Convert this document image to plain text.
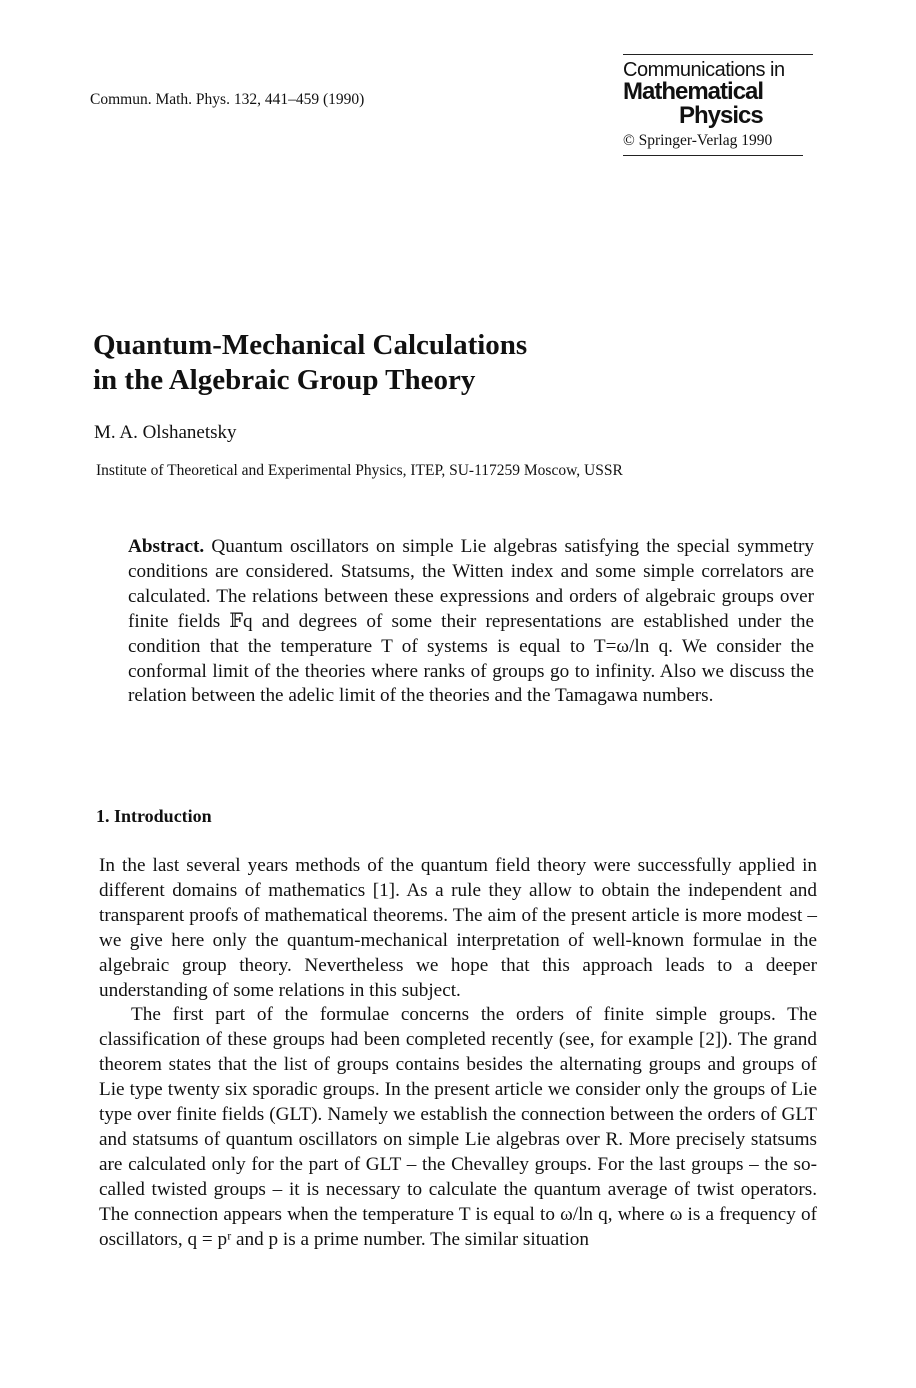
Commun. Math. Phys. 132, 441–459 (1990)
Communications in
Mathematical
Physics
© Springer-Verlag 1990
Quantum-Mechanical Calculations
in the Algebraic Group Theory
M. A. Olshanetsky
Institute of Theoretical and Experimental Physics, ITEP, SU-117259 Moscow, USSR

Abstract. Quantum oscillators on simple Lie algebras satisfying the special symmetry conditions are considered. Statsums, the Witten index and some simple correlators are calculated. The relations between these expressions and orders of algebraic groups over finite fields 𝔽q and degrees of some their representations are established under the condition that the temperature T of systems is equal to T=ω/ln q. We consider the conformal limit of the theories where ranks of groups go to infinity. Also we discuss the relation between the adelic limit of the theories and the Tamagawa numbers.

1. Introduction

In the last several years methods of the quantum field theory were successfully applied in different domains of mathematics [1]. As a rule they allow to obtain the independent and transparent proofs of mathematical theorems. The aim of the present article is more modest – we give here only the quantum-mechanical interpretation of well-known formulae in the algebraic group theory. Nevertheless we hope that this approach leads to a deeper understanding of some relations in this subject.

The first part of the formulae concerns the orders of finite simple groups. The classification of these groups had been completed recently (see, for example [2]). The grand theorem states that the list of groups contains besides the alternating groups and groups of Lie type twenty six sporadic groups. In the present article we consider only the groups of Lie type over finite fields (GLT). Namely we establish the connection between the orders of GLT and statsums of quantum oscillators on simple Lie algebras over R. More precisely statsums are calculated only for the part of GLT – the Chevalley groups. For the last groups – the so-called twisted groups – it is necessary to calculate the quantum average of twist operators. The connection appears when the temperature T is equal to ω/ln q, where ω is a frequency of oscillators, q = pʳ and p is a prime number. The similar situation
